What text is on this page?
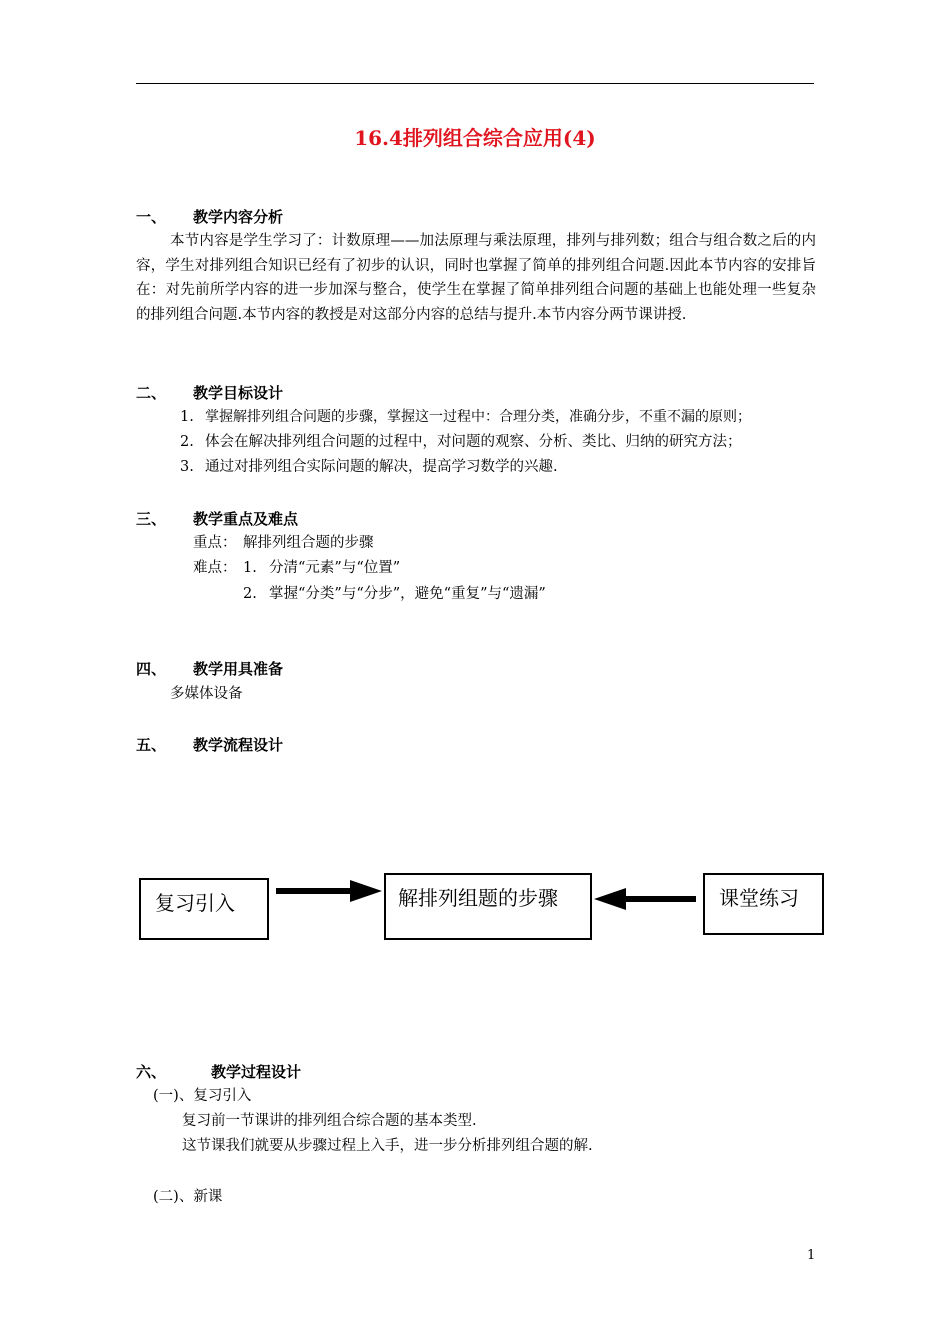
16.4排列组合综合应用(4)
一、 教学内容分析
本节内容是学生学习了：计数原理——加法原理与乘法原理，排列与排列数；组合与组合数之后的内容，学生对排列组合知识已经有了初步的认识，同时也掌握了简单的排列组合问题.因此本节内容的安排旨在：对先前所学内容的进一步加深与整合，使学生在掌握了简单排列组合问题的基础上也能处理一些复杂的排列组合问题.本节内容的教授是对这部分内容的总结与提升.本节内容分两节课讲授.
二、 教学目标设计
1. 掌握解排列组合问题的步骤，掌握这一过程中：合理分类，准确分步，不重不漏的原则；
2. 体会在解决排列组合问题的过程中，对问题的观察、分析、类比、归纳的研究方法；
3. 通过对排列组合实际问题的解决，提高学习数学的兴趣.
三、 教学重点及难点
重点： 解排列组合题的步骤
难点： 1. 分清“元素”与“位置”
2. 掌握“分类”与“分步”，避免“重复”与“遗漏”
四、 教学用具准备
多媒体设备
五、 教学流程设计
复习引入	解排列组题的步骤	课堂练习
六、	教学过程设计
(一)、复习引入
复习前一节课讲的排列组合综合题的基本类型.
这节课我们就要从步骤过程上入手，进一步分析排列组合题的解.
(二)、新课
1
